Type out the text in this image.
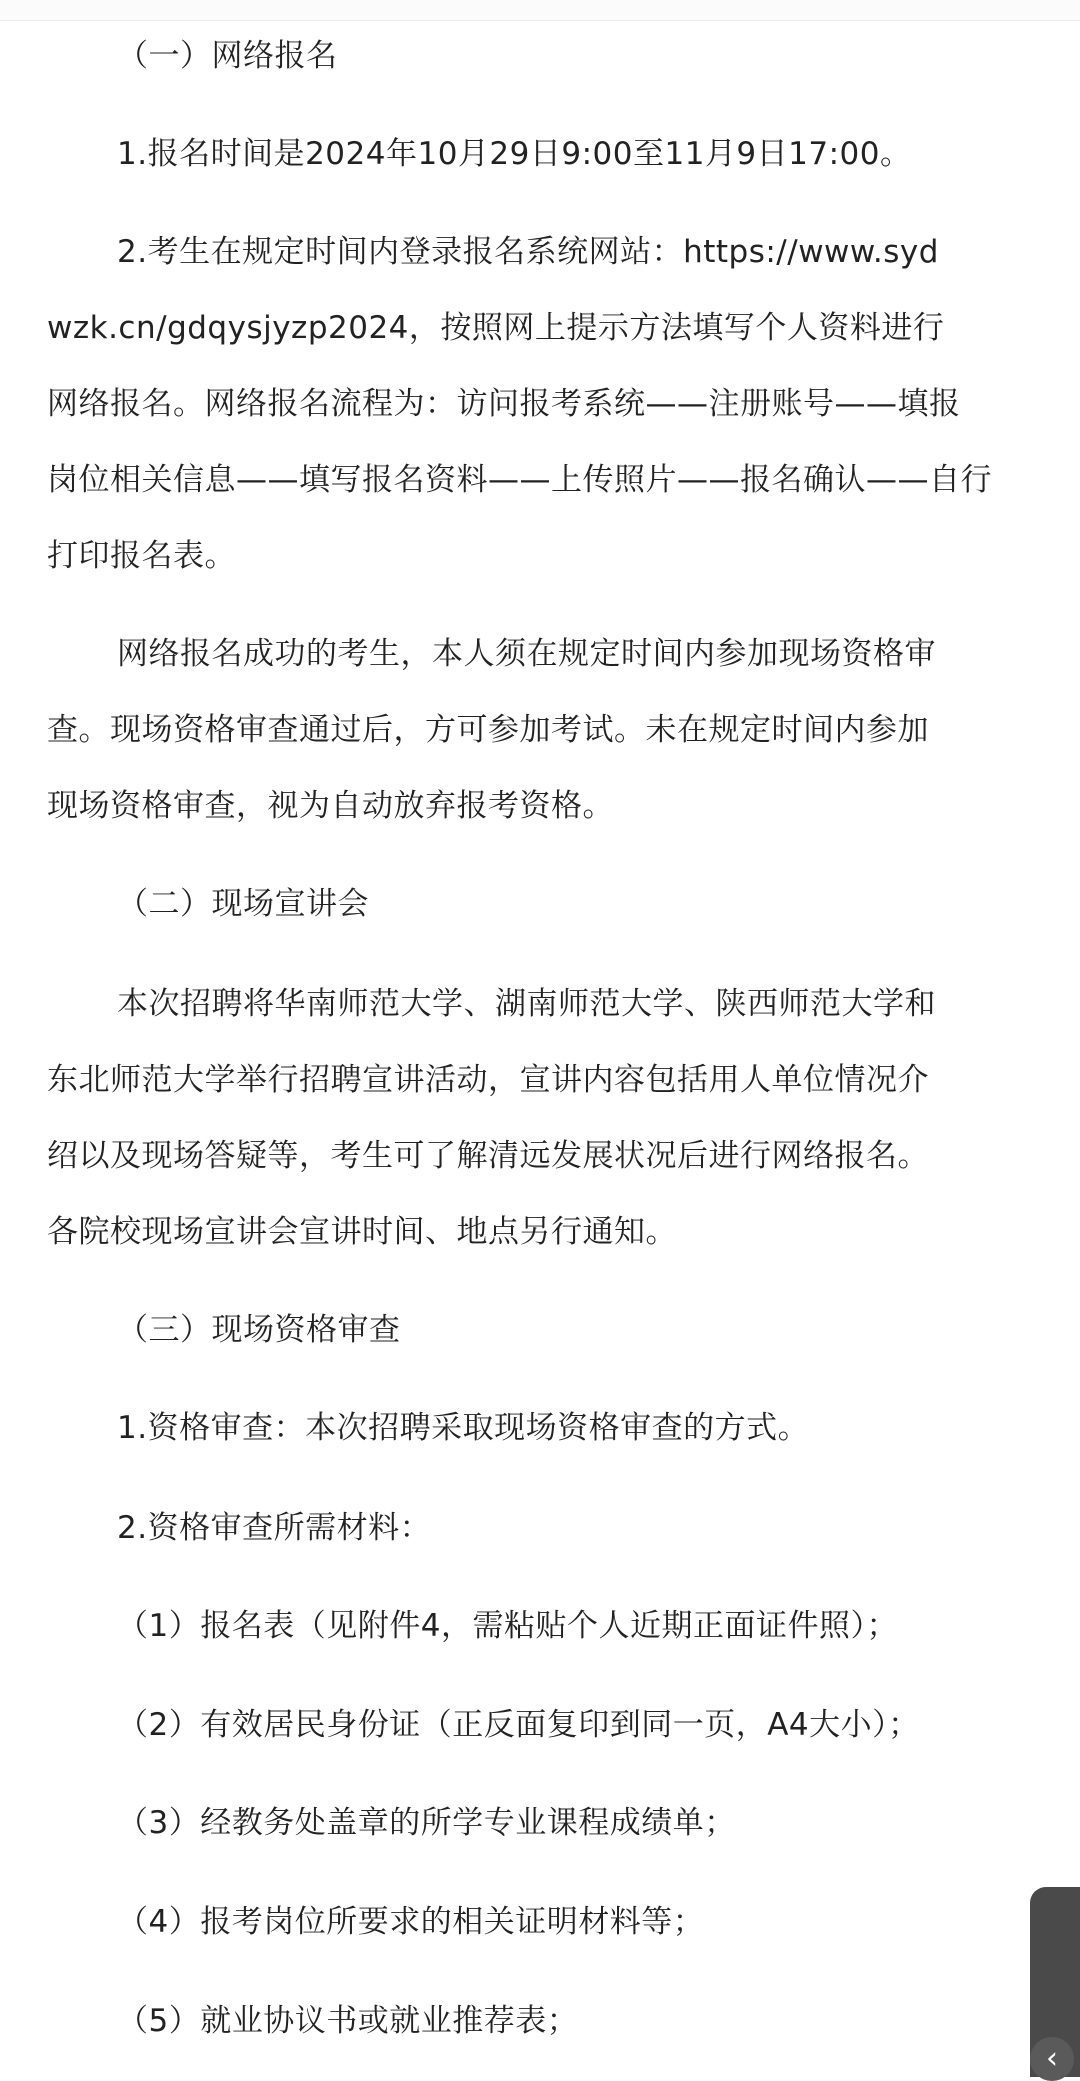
（一）网络报名

1.报名时间是2024年10月29日9:00至11月9日17:00。

2.考生在规定时间内登录报名系统网站：https://www.syd
wzk.cn/gdqysjyzp2024，按照网上提示方法填写个人资料进行
网络报名。网络报名流程为：访问报考系统——注册账号——填报
岗位相关信息——填写报名资料——上传照片——报名确认——自行
打印报名表。

网络报名成功的考生，本人须在规定时间内参加现场资格审
查。现场资格审查通过后，方可参加考试。未在规定时间内参加
现场资格审查，视为自动放弃报考资格。

（二）现场宣讲会

本次招聘将华南师范大学、湖南师范大学、陕西师范大学和
东北师范大学举行招聘宣讲活动，宣讲内容包括用人单位情况介
绍以及现场答疑等，考生可了解清远发展状况后进行网络报名。
各院校现场宣讲会宣讲时间、地点另行通知。

（三）现场资格审查

1.资格审查：本次招聘采取现场资格审查的方式。

2.资格审查所需材料：

（1）报名表（见附件4，需粘贴个人近期正面证件照）；

（2）有效居民身份证（正反面复印到同一页，A4大小）；

（3）经教务处盖章的所学专业课程成绩单；

（4）报考岗位所要求的相关证明材料等；

（5）就业协议书或就业推荐表；

‹
